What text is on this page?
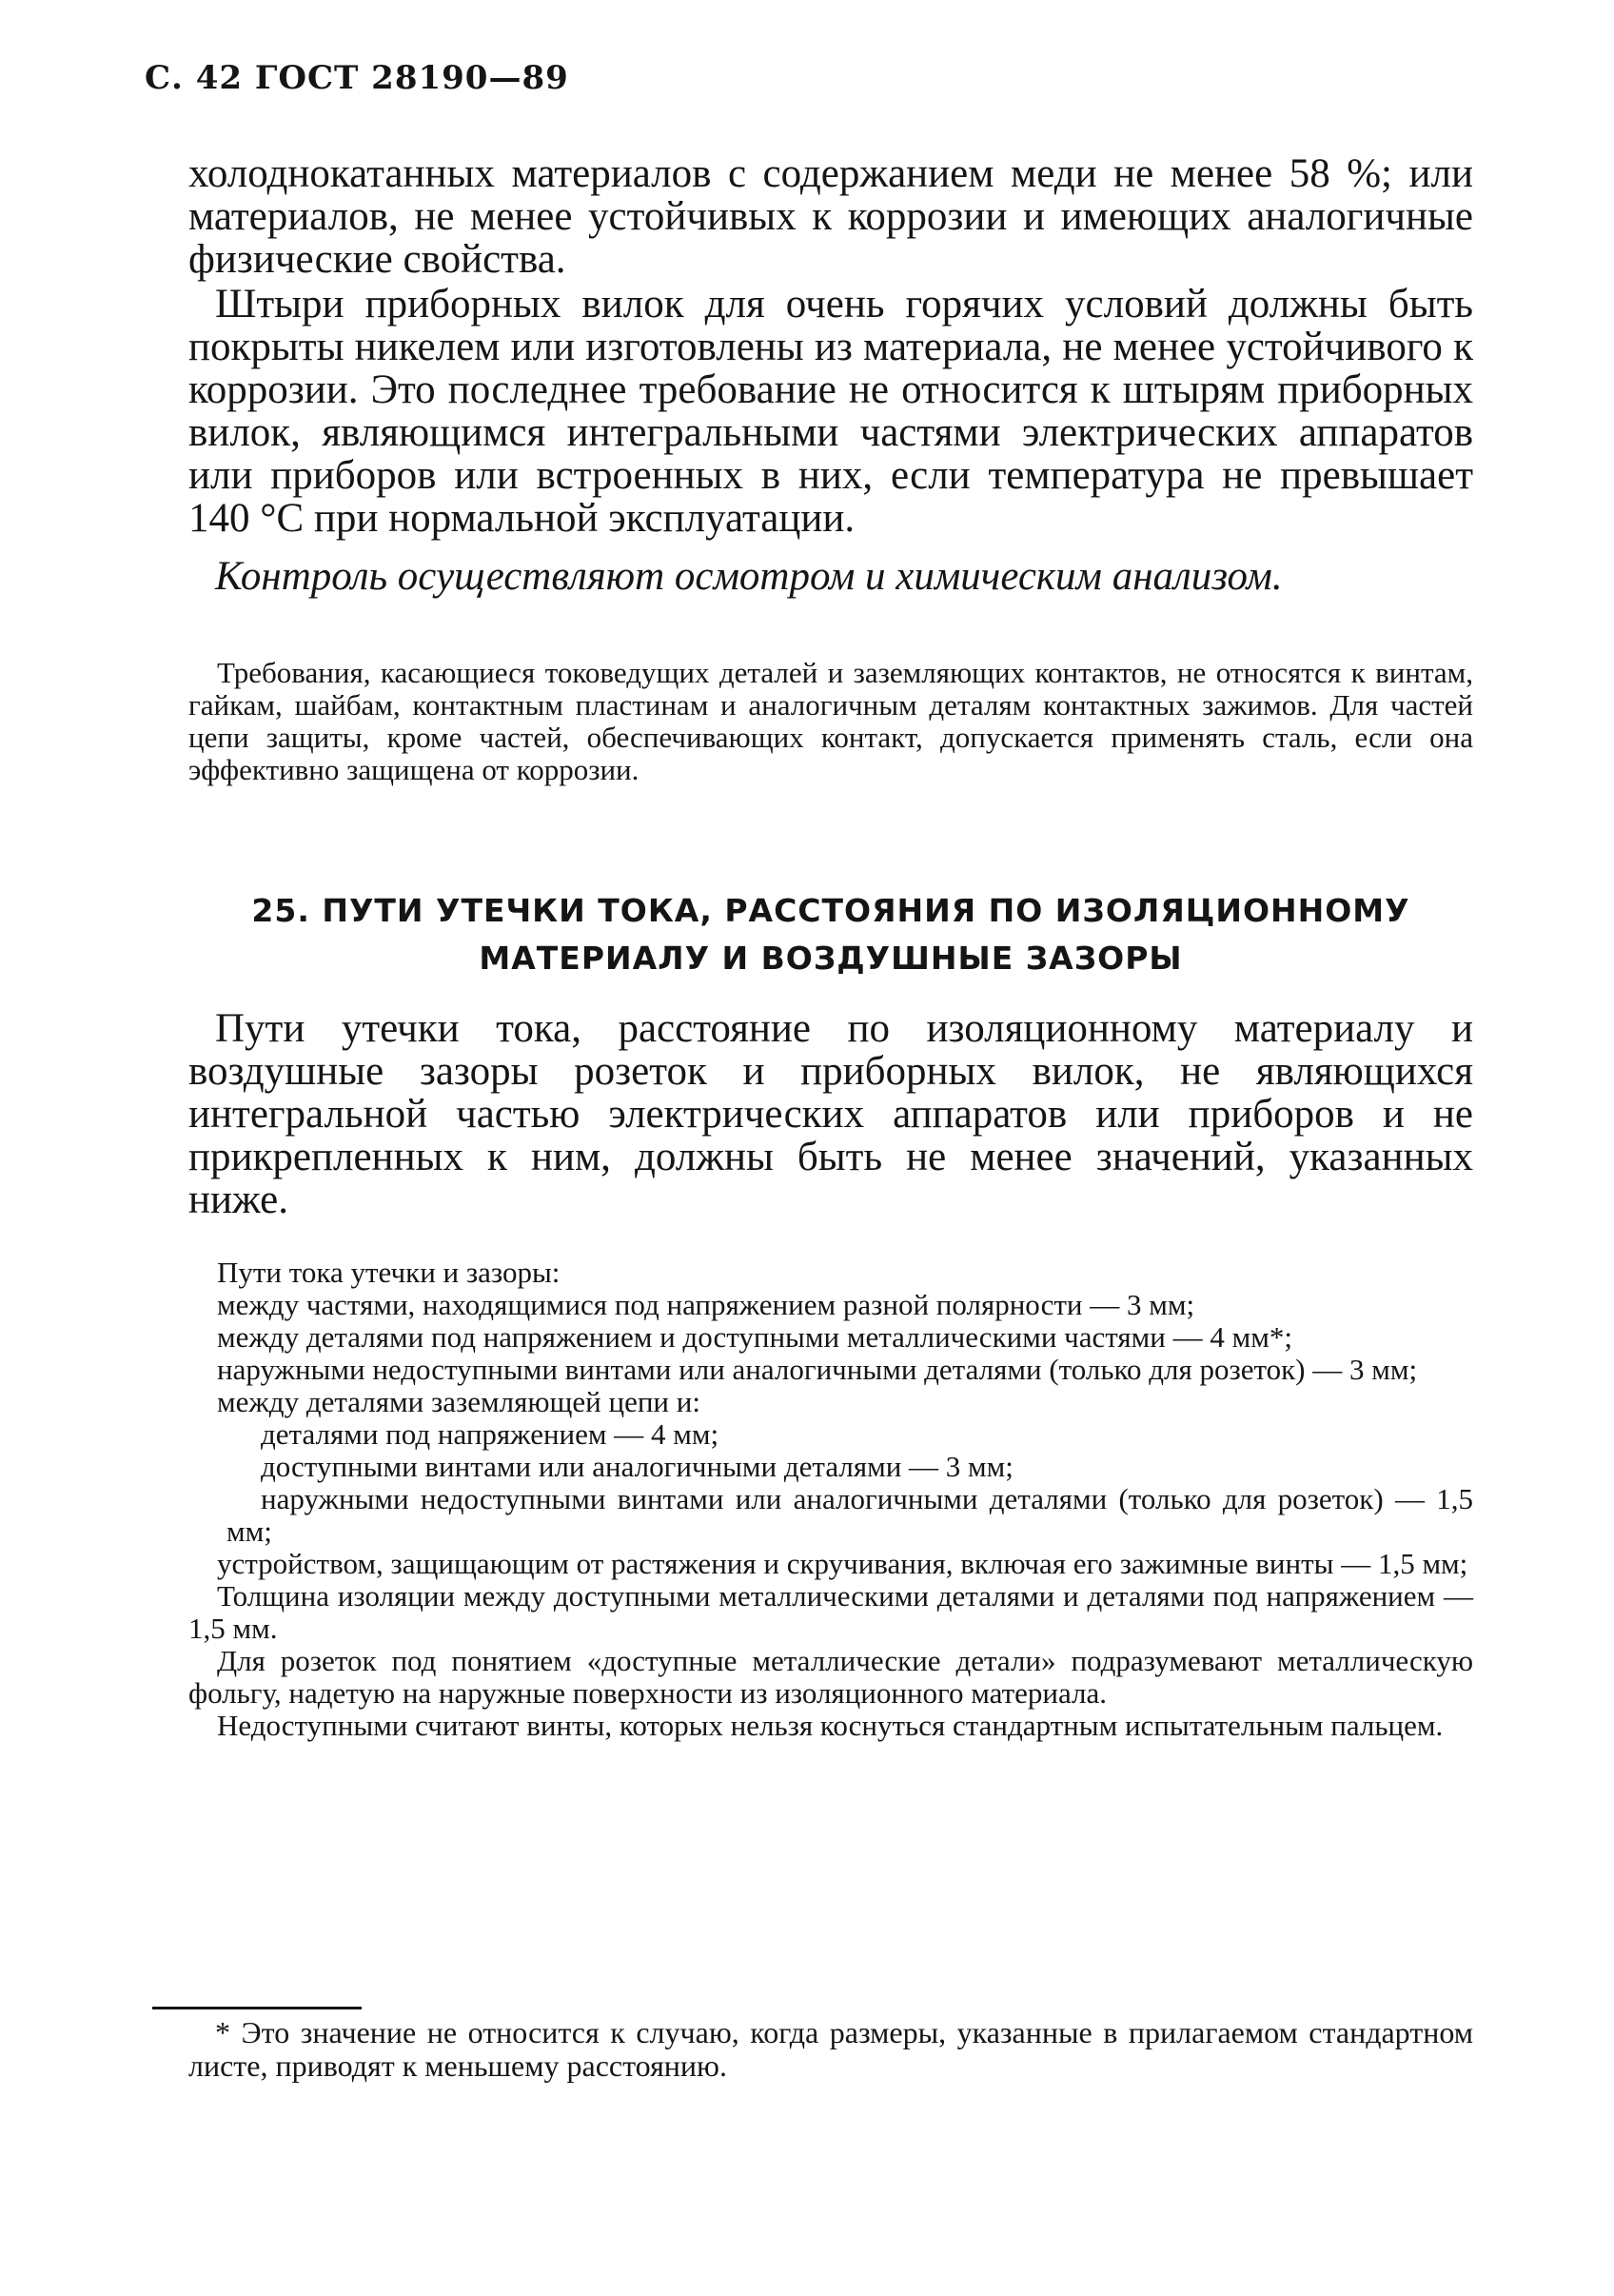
С. 42 ГОСТ 28190—89

холоднокатанных материалов с содержанием меди не менее 58 %; или материалов, не менее устойчивых к коррозии и имеющих аналогичные физические свойства.

Штыри приборных вилок для очень горячих условий должны быть покрыты никелем или изготовлены из материала, не менее устойчивого к коррозии. Это последнее требование не относится к штырям приборных вилок, являющимся интегральными частями электрических аппаратов или приборов или встроенных в них, если температура не превышает 140 °С при нормальной эксплуатации.

Контроль осуществляют осмотром и химическим анализом.

Требования, касающиеся токоведущих деталей и заземляющих контактов, не относятся к винтам, гайкам, шайбам, контактным пластинам и аналогичным деталям контактных зажимов. Для частей цепи защиты, кроме частей, обеспечивающих контакт, допускается применять сталь, если она эффективно защищена от коррозии.

25. ПУТИ УТЕЧКИ ТОКА, РАССТОЯНИЯ ПО ИЗОЛЯЦИОННОМУ
МАТЕРИАЛУ И ВОЗДУШНЫЕ ЗАЗОРЫ

Пути утечки тока, расстояние по изоляционному материалу и воздушные зазоры розеток и приборных вилок, не являющихся интегральной частью электрических аппаратов или приборов и не прикрепленных к ним, должны быть не менее значений, указанных ниже.

Пути тока утечки и зазоры:

между частями, находящимися под напряжением разной полярности — 3 мм;

между деталями под напряжением и доступными металлическими частями — 4 мм*;

наружными недоступными винтами или аналогичными деталями (только для розеток) — 3 мм;

между деталями заземляющей цепи и:

деталями под напряжением — 4 мм;

доступными винтами или аналогичными деталями — 3 мм;

наружными недоступными винтами или аналогичными деталями (только для розеток) — 1,5 мм;

устройством, защищающим от растяжения и скручивания, включая его зажимные винты — 1,5 мм;

Толщина изоляции между доступными металлическими деталями и деталями под напряжением — 1,5 мм.

Для розеток под понятием «доступные металлические детали» подразумевают металлическую фольгу, надетую на наружные поверхности из изоляционного материала.

Недоступными считают винты, которых нельзя коснуться стандартным испытательным пальцем.

* Это значение не относится к случаю, когда размеры, указанные в прилагаемом стандартном листе, приводят к меньшему расстоянию.
